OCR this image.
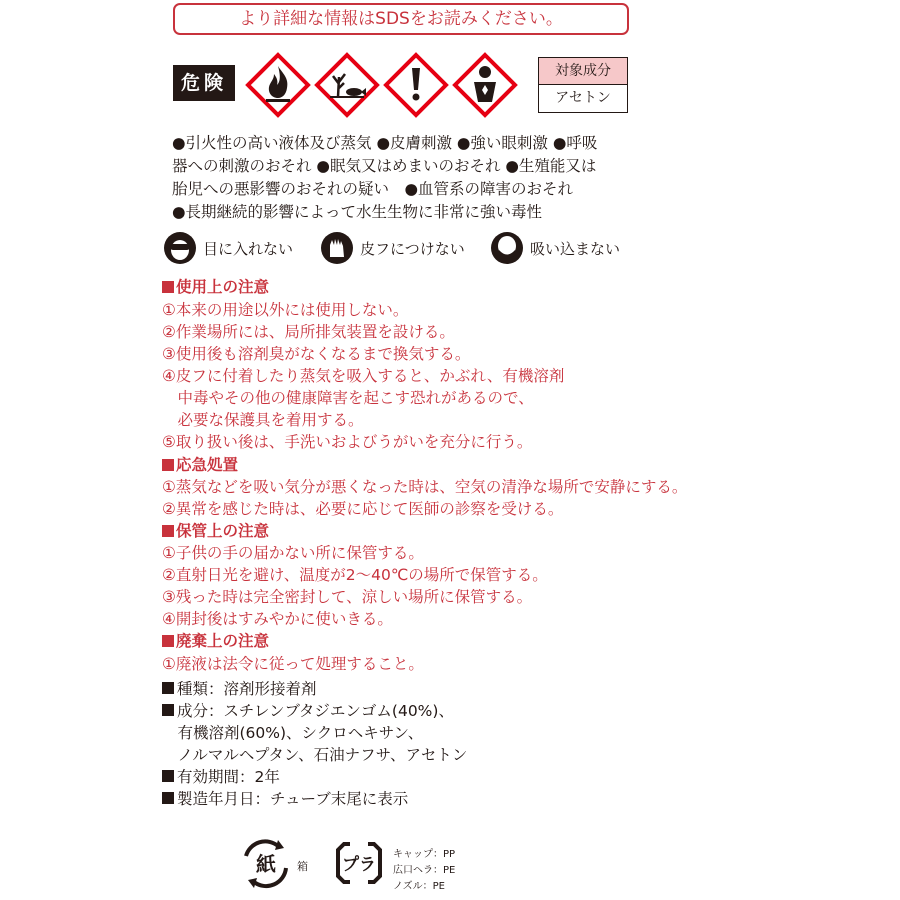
より詳細な情報はSDSをお読みください。
危険
対象成分
アセトン
●引火性の高い液体及び蒸気 ●皮膚刺激 ●強い眼刺激 ●呼吸
器への刺激のおそれ ●眠気又はめまいのおそれ ●生殖能又は
胎児への悪影響のおそれの疑い　●血管系の障害のおそれ
●長期継続的影響によって水生生物に非常に強い毒性
目に入れない	皮フにつけない	吸い込まない
使用上の注意
①本来の用途以外には使用しない。
②作業場所には、局所排気装置を設ける。
③使用後も溶剤臭がなくなるまで換気する。
④皮フに付着したり蒸気を吸入すると、かぶれ、有機溶剤
　中毒やその他の健康障害を起こす恐れがあるので、
　必要な保護具を着用する。
⑤取り扱い後は、手洗いおよびうがいを充分に行う。
応急処置
①蒸気などを吸い気分が悪くなった時は、空気の清浄な場所で安静にする。
②異常を感じた時は、必要に応じて医師の診察を受ける。
保管上の注意
①子供の手の届かない所に保管する。
②直射日光を避け、温度が2～40℃の場所で保管する。
③残った時は完全密封して、涼しい場所に保管する。
④開封後はすみやかに使いきる。
廃棄上の注意
①廃液は法令に従って処理すること。
種類：溶剤形接着剤
成分：スチレンブタジエンゴム(40%)、
　有機溶剤(60%)、シクロヘキサン、
　ノルマルヘプタン、石油ナフサ、アセトン
有効期間：2年
製造年月日：チューブ末尾に表示
紙 箱 プラ
キャップ：PP
広口ヘラ：PE
ノズル：PE
